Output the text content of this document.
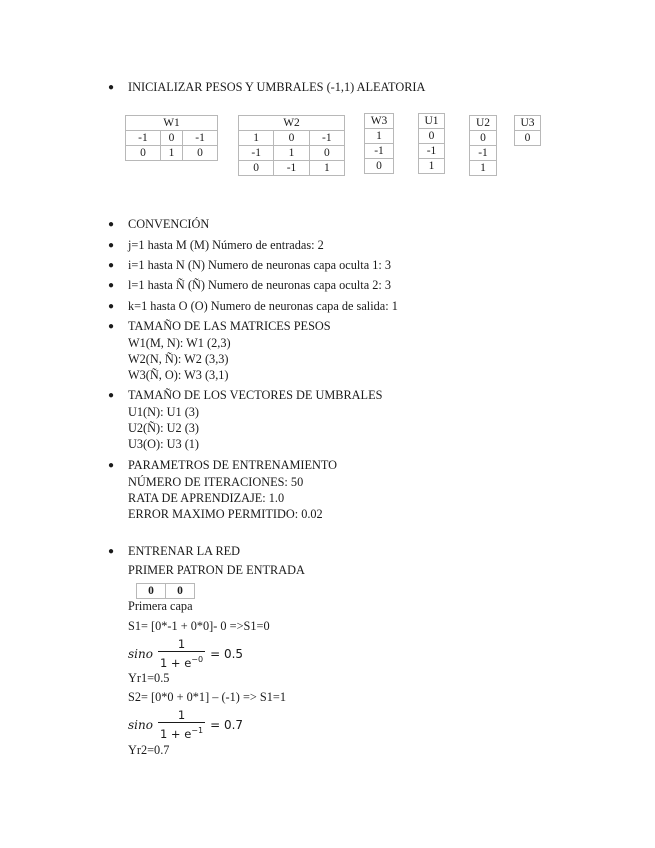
● INICIALIZAR PESOS Y UMBRALES (-1,1) ALEATORIA
W1		
-1	0	-1
0	1	0
W2		
1	0	-1
-1	1	0
0	-1	1
W3
1
-1
0
U1
0
-1
1
U2
0
-1
1
U3
0
● CONVENCIÓN
● j=1 hasta M (M) Número de entradas: 2
● i=1 hasta N (N) Numero de neuronas capa oculta 1: 3
● l=1 hasta Ñ (Ñ) Numero de neuronas capa oculta 2: 3
● k=1 hasta O (O) Numero de neuronas capa de salida: 1
● TAMAÑO DE LAS MATRICES PESOS
W1(M, N): W1 (2,3)
W2(N, Ñ): W2 (3,3)
W3(Ñ, O): W3 (3,1)
● TAMAÑO DE LOS VECTORES DE UMBRALES
U1(N): U1 (3)
U2(Ñ): U2 (3)
U3(O): U3 (1)
● PARAMETROS DE ENTRENAMIENTO
NÚMERO DE ITERACIONES: 50
RATA DE APRENDIZAJE: 1.0
ERROR MAXIMO PERMITIDO: 0.02
● ENTRENAR LA RED
PRIMER PATRON DE ENTRADA
0	0
Primera capa
S1= [0*-1 + 0*0]- 0 =>S1=0
sino $\frac{1}{1 + e^{-0}} = 0.5$
Yr1=0.5
S2= [0*0 + 0*1] – (-1) => S1=1
sino $\frac{1}{1 + e^{-1}} = 0.7$
Yr2=0.7
